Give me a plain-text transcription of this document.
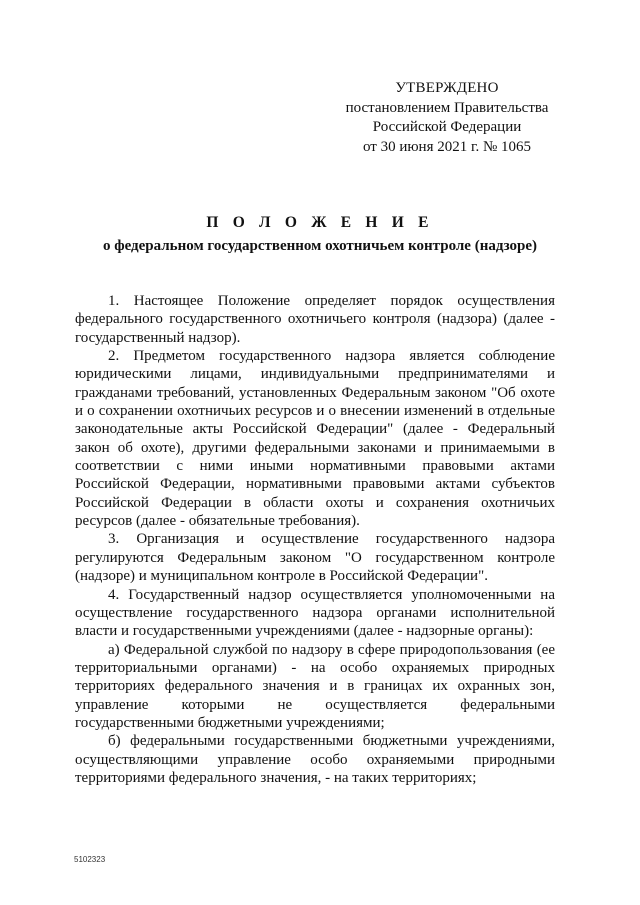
УТВЕРЖДЕНО
постановлением Правительства
Российской Федерации
от 30 июня 2021 г. № 1065
П О Л О Ж Е Н И Е
о федеральном государственном охотничьем контроле (надзоре)

1. Настоящее Положение определяет порядок осуществления федерального государственного охотничьего контроля (надзора) (далее - государственный надзор).

2. Предметом государственного надзора является соблюдение юридическими лицами, индивидуальными предпринимателями и гражданами требований, установленных Федеральным законом "Об охоте и о сохранении охотничьих ресурсов и о внесении изменений в отдельные законодательные акты Российской Федерации" (далее - Федеральный закон об охоте), другими федеральными законами и принимаемыми в соответствии с ними иными нормативными правовыми актами Российской Федерации, нормативными правовыми актами субъектов Российской Федерации в области охоты и сохранения охотничьих ресурсов (далее - обязательные требования).

3. Организация и осуществление государственного надзора регулируются Федеральным законом "О государственном контроле (надзоре) и муниципальном контроле в Российской Федерации".

4. Государственный надзор осуществляется уполномоченными на осуществление государственного надзора органами исполнительной власти и государственными учреждениями (далее - надзорные органы):

а) Федеральной службой по надзору в сфере природопользования (ее территориальными органами) - на особо охраняемых природных территориях федерального значения и в границах их охранных зон, управление которыми не осуществляется федеральными государственными бюджетными учреждениями;

б) федеральными государственными бюджетными учреждениями, осуществляющими управление особо охраняемыми природными территориями федерального значения, - на таких территориях;

5102323
